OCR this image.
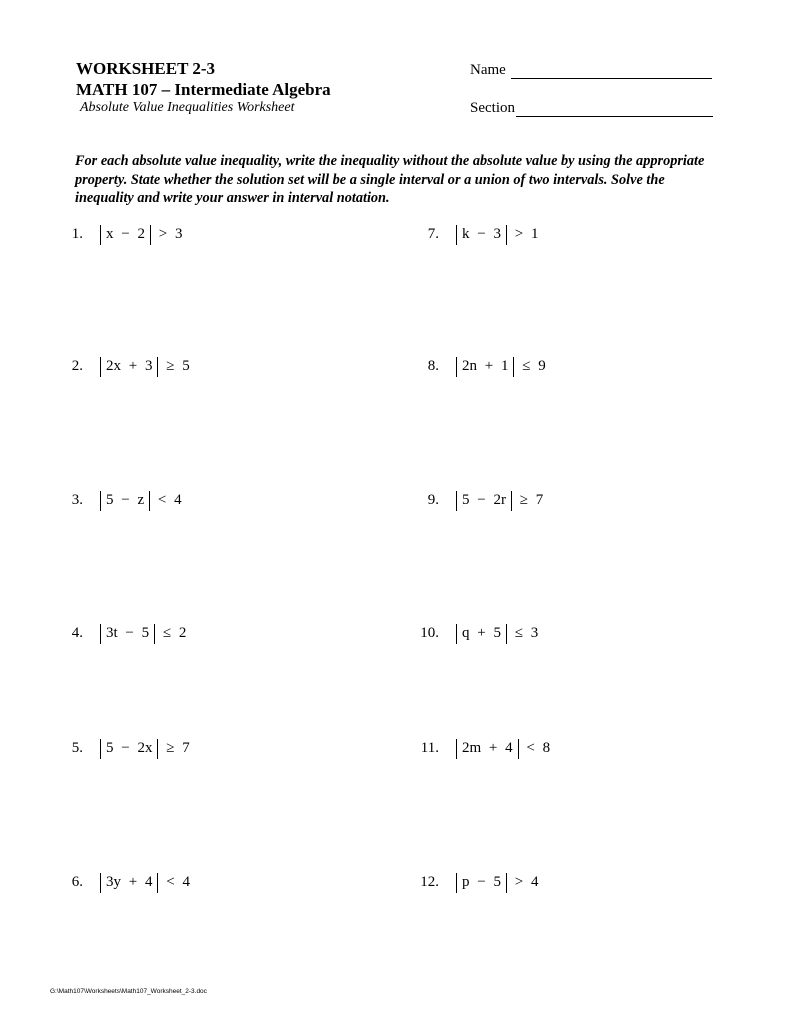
WORKSHEET 2-3
MATH 107 – Intermediate Algebra
Absolute Value Inequalities Worksheet
Name
Section
For each absolute value inequality, write the inequality without the absolute value by using the appropriate property. State whether the solution set will be a single interval or a union of two intervals. Solve the inequality and write your answer in interval notation.
1. x − 2 > 3
2. 2x + 3 ≥ 5
3. 5 − z < 4
4. 3t − 5 ≤ 2
5. 5 − 2x ≥ 7
6. 3y + 4 < 4
7. k − 3 > 1
8. 2n + 1 ≤ 9
9. 5 − 2r ≥ 7
10. q + 5 ≤ 3
11. 2m + 4 < 8
12. p − 5 > 4
G:\Math107\Worksheets\Math107_Worksheet_2-3.doc
